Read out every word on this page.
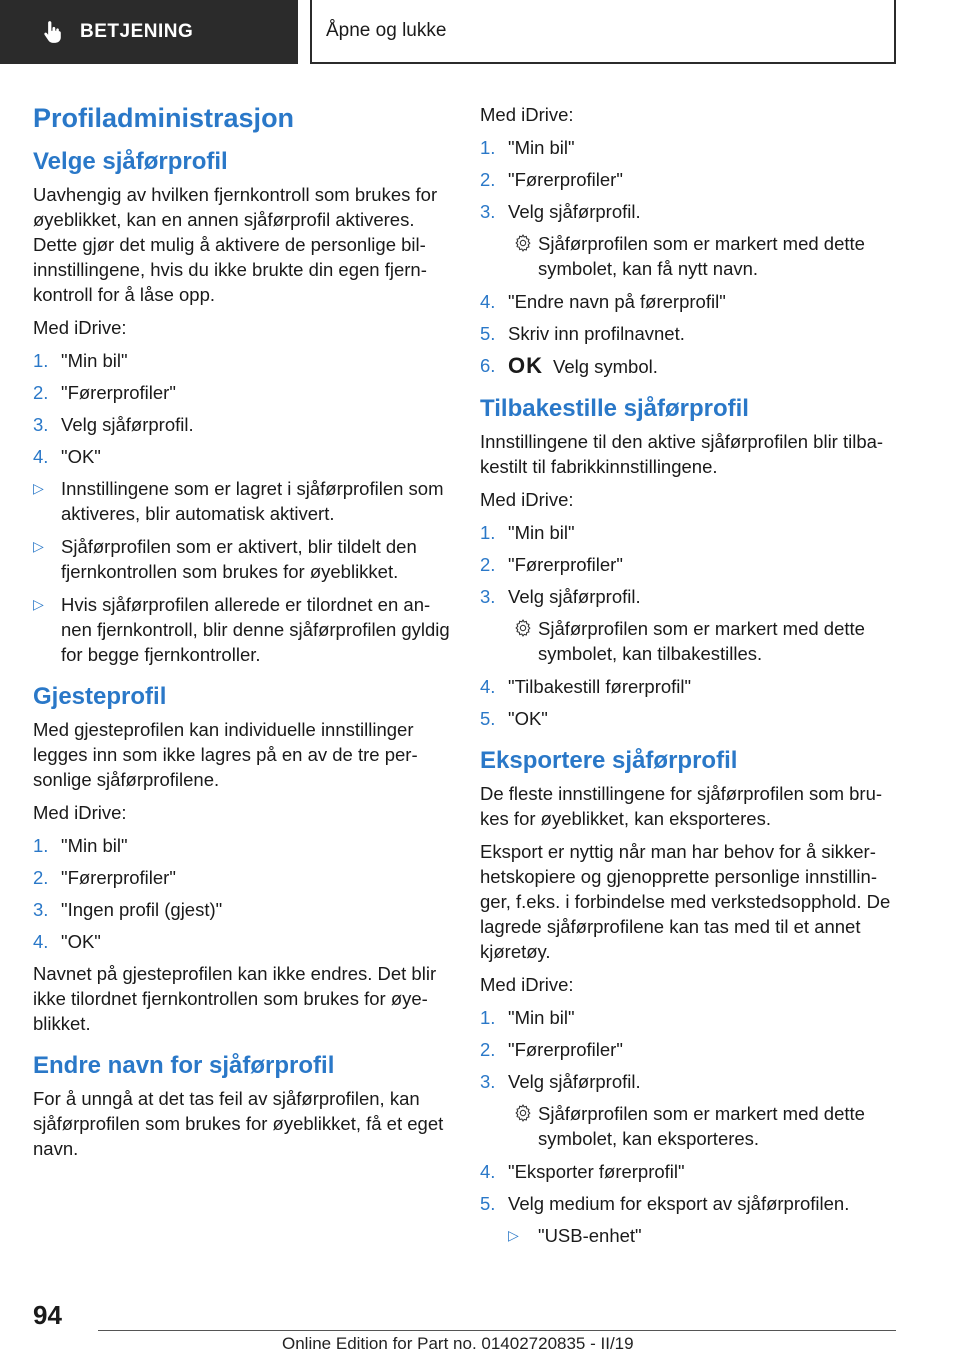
BETJENING	Åpne og lukke
Profiladministrasjon
Velge sjåførprofil

Uavhengig av hvilken fjernkontroll som brukes for øyeblikket, kan en annen sjåførprofil aktiveres. Dette gjør det mulig å aktivere de personlige bilinnstillingene, hvis du ikke brukte din egen fjernkontroll for å låse opp.

Med iDrive:

1. "Min bil"
2. "Førerprofiler"
3. Velg sjåførprofil.
4. "OK"
▷ Innstillingene som er lagret i sjåførprofilen som aktiveres, blir automatisk aktivert.
▷ Sjåførprofilen som er aktivert, blir tildelt den fjernkontrollen som brukes for øyeblikket.
▷ Hvis sjåførprofilen allerede er tilordnet en annen fjernkontroll, blir denne sjåførprofilen gyldig for begge fjernkontroller.
Gjesteprofil

Med gjesteprofilen kan individuelle innstillinger legges inn som ikke lagres på en av de tre personlige sjåførprofilene.

Med iDrive:

1. "Min bil"
2. "Førerprofiler"
3. "Ingen profil (gjest)"
4. "OK"

Navnet på gjesteprofilen kan ikke endres. Det blir ikke tilordnet fjernkontrollen som brukes for øyeblikket.

Endre navn for sjåførprofil

For å unngå at det tas feil av sjåførprofilen, kan sjåførprofilen som brukes for øyeblikket, få et eget navn.

Med iDrive:

1. "Min bil"
2. "Førerprofiler"
3. Velg sjåførprofil.
Sjåførprofilen som er markert med dette symbolet, kan få nytt navn.
4. "Endre navn på førerprofil"
5. Skriv inn profilnavnet.
6. OK Velg symbol.
Tilbakestille sjåførprofil

Innstillingene til den aktive sjåførprofilen blir tilbakestilt til fabrikkinnstillingene.

Med iDrive:

1. "Min bil"
2. "Førerprofiler"
3. Velg sjåførprofil.
Sjåførprofilen som er markert med dette symbolet, kan tilbakestilles.
4. "Tilbakestill førerprofil"
5. "OK"
Eksportere sjåførprofil

De fleste innstillingene for sjåførprofilen som brukes for øyeblikket, kan eksporteres.

Eksport er nyttig når man har behov for å sikkerhetskopiere og gjenopprette personlige innstillinger, f.eks. i forbindelse med verkstedsopphold. De lagrede sjåførprofilene kan tas med til et annet kjøretøy.

Med iDrive:

1. "Min bil"
2. "Førerprofiler"
3. Velg sjåførprofil.
Sjåførprofilen som er markert med dette symbolet, kan eksporteres.
4. "Eksporter førerprofil"
5. Velg medium for eksport av sjåførprofilen.
▷	"USB-enhet"
94
Online Edition for Part no. 01402720835 - II/19
